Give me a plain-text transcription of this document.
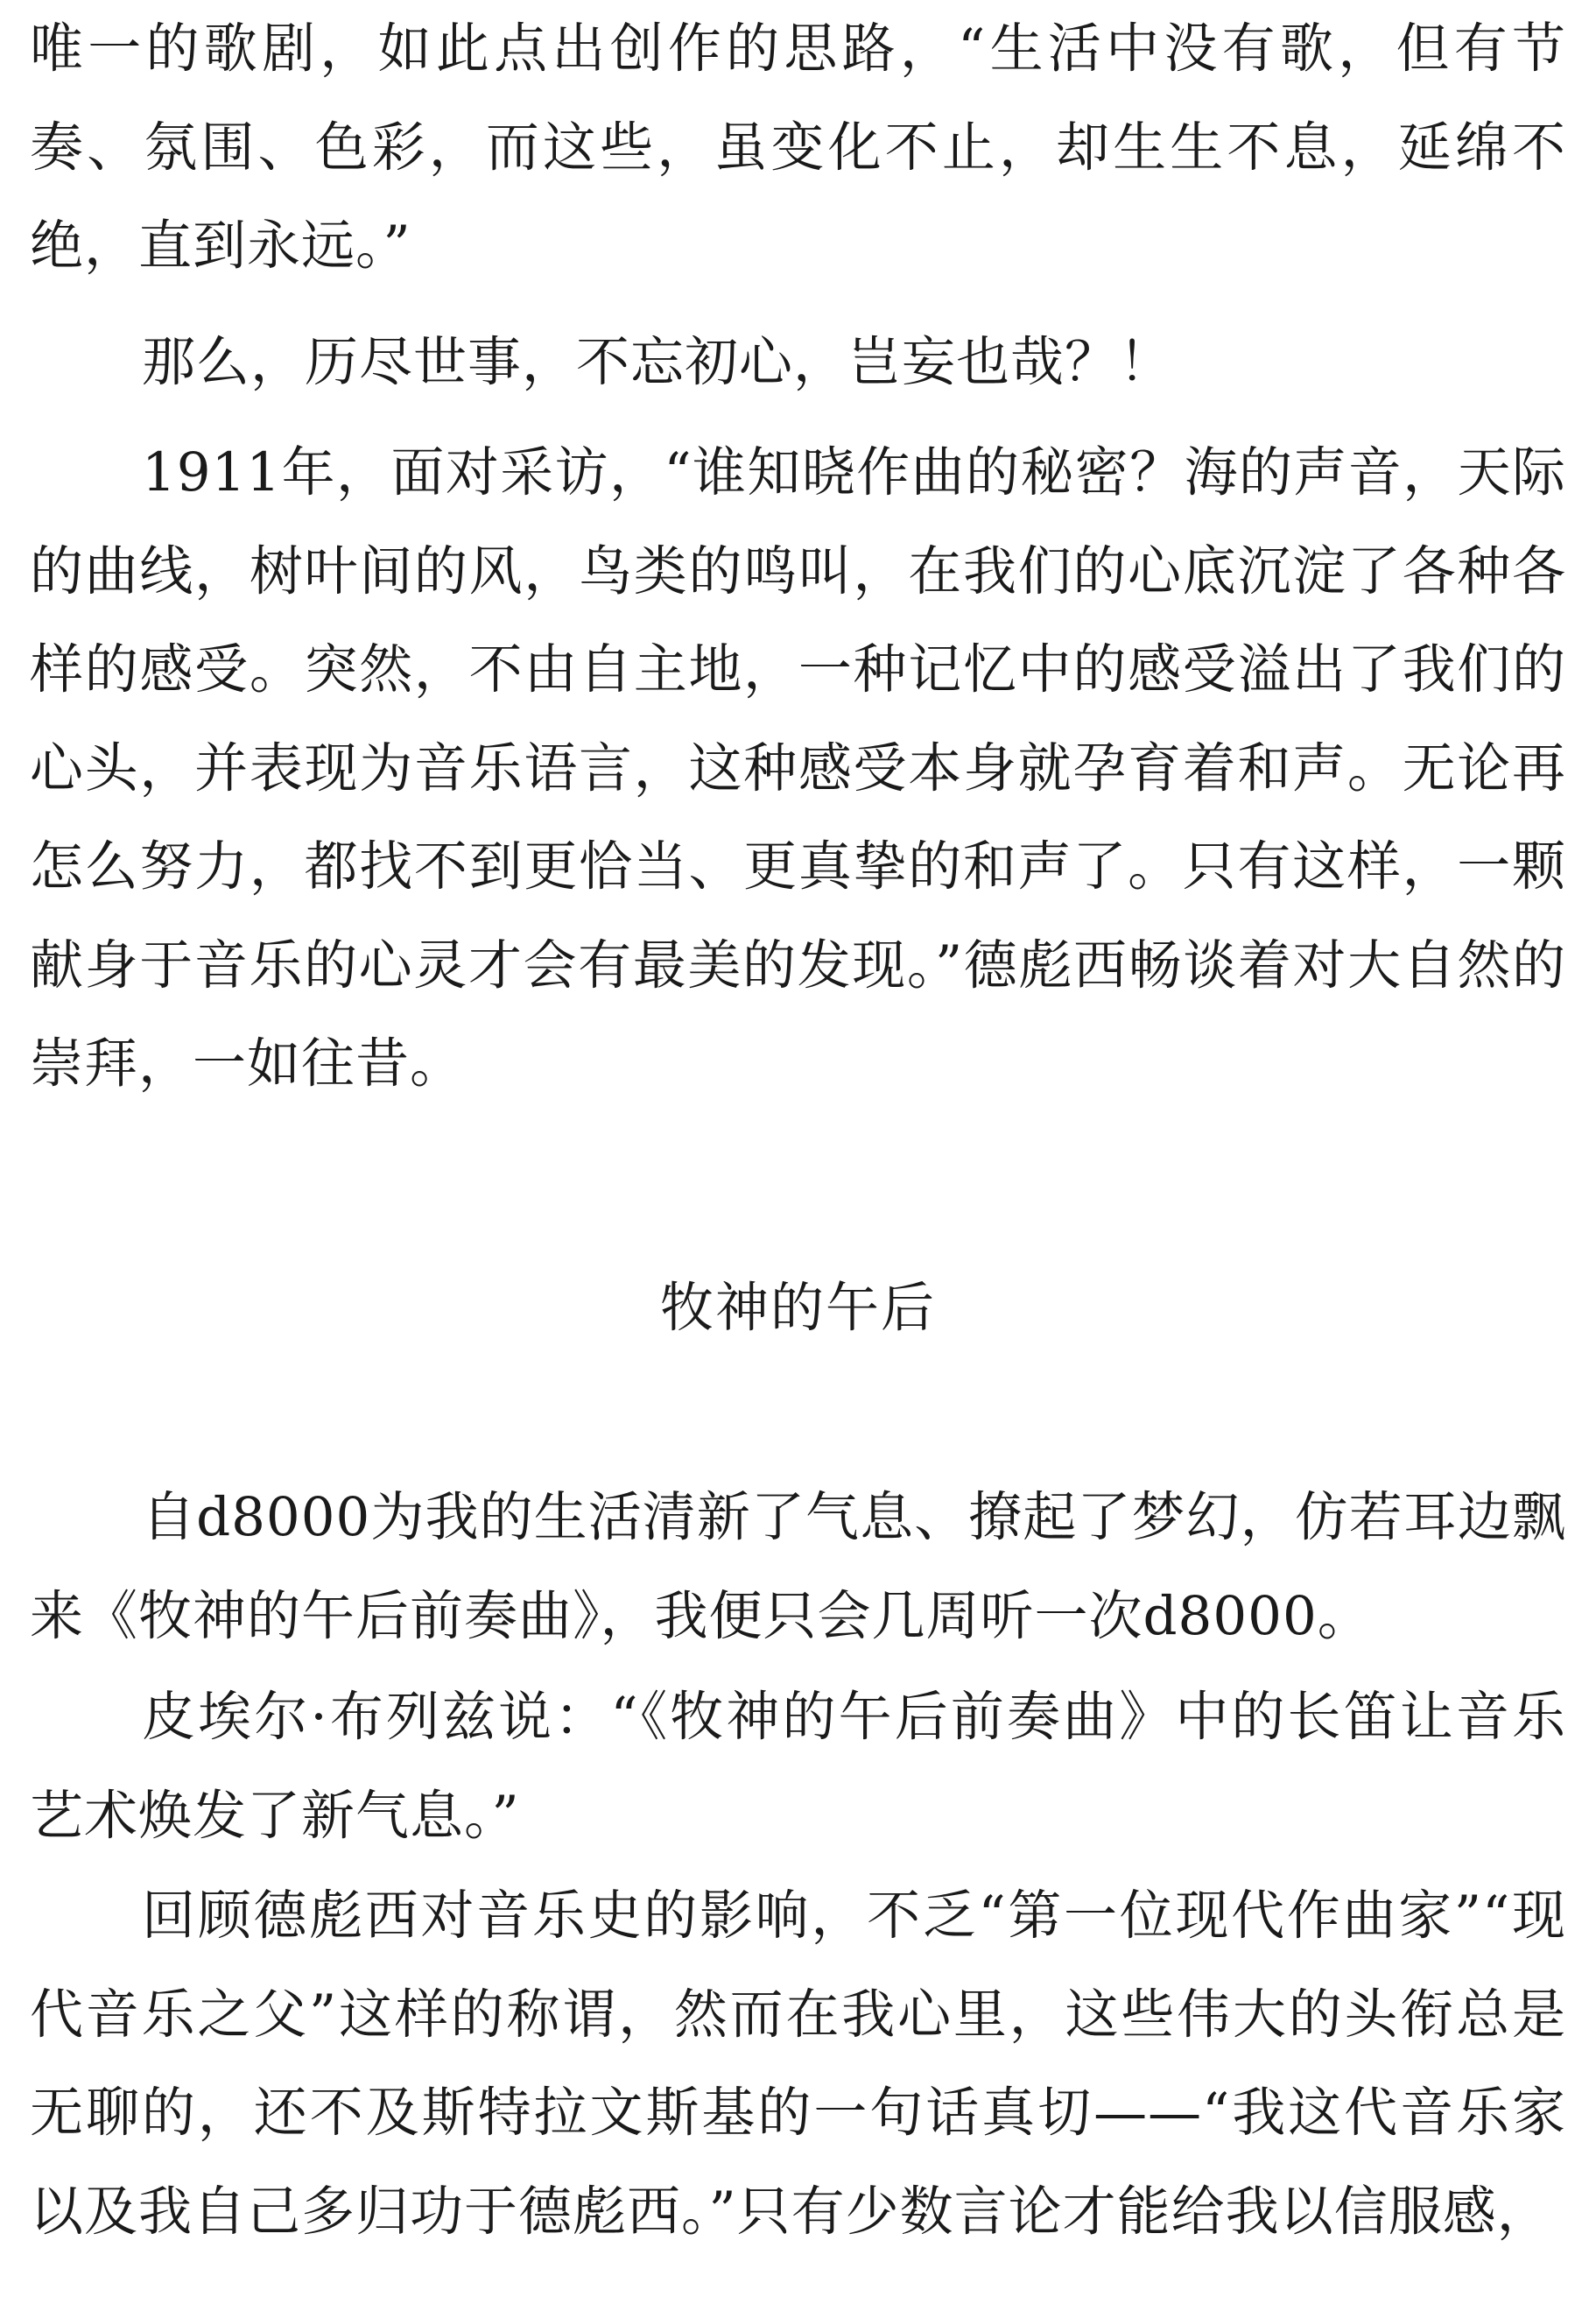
唯一的歌剧，如此点出创作的思路，“生活中没有歌，但有节奏、氛围、色彩，而这些，虽变化不止，却生生不息，延绵不绝，直到永远。”

那么，历尽世事，不忘初心，岂妄也哉？！

1911年，面对采访，“谁知晓作曲的秘密？海的声音，天际的曲线，树叶间的风，鸟类的鸣叫，在我们的心底沉淀了各种各样的感受。突然，不由自主地，一种记忆中的感受溢出了我们的心头，并表现为音乐语言，这种感受本身就孕育着和声。无论再怎么努力，都找不到更恰当、更真挚的和声了。只有这样，一颗献身于音乐的心灵才会有最美的发现。”德彪西畅谈着对大自然的崇拜，一如往昔。

牧神的午后

自d8000为我的生活清新了气息、撩起了梦幻，仿若耳边飘来《牧神的午后前奏曲》，我便只会几周听一次d8000。

皮埃尔·布列兹说：“《牧神的午后前奏曲》中的长笛让音乐艺术焕发了新气息。”

回顾德彪西对音乐史的影响，不乏“第一位现代作曲家”“现代音乐之父”这样的称谓，然而在我心里，这些伟大的头衔总是无聊的，还不及斯特拉文斯基的一句话真切——“我这代音乐家以及我自己多归功于德彪西。”只有少数言论才能给我以信服感，
